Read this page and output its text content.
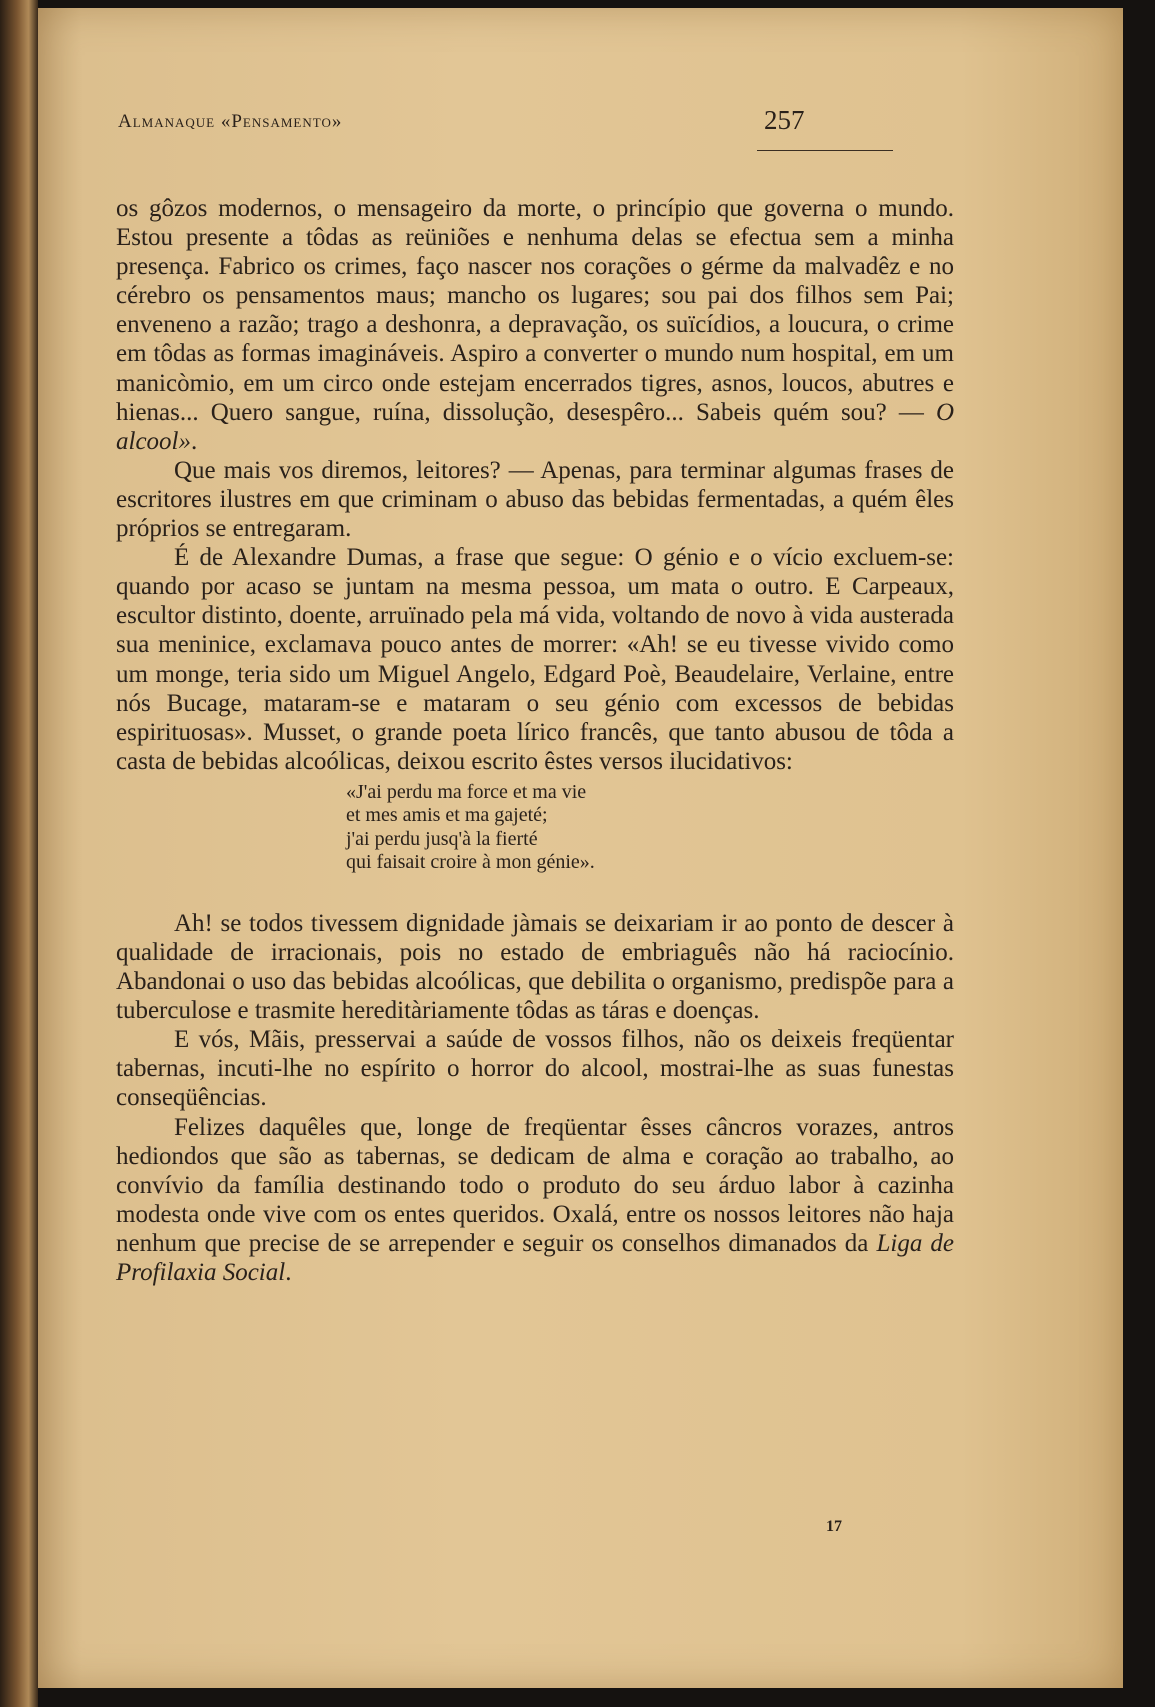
Almanaque «Pensamento»	257

os gôzos modernos, o mensageiro da morte, o princípio que governa o mundo. Estou presente a tôdas as reüniões e nenhuma delas se efectua sem a minha presença. Fabrico os crimes, faço nascer nos corações o gérme da malvadêz e no cérebro os pensamentos maus; mancho os lugares; sou pai dos filhos sem Pai; enveneno a razão; trago a deshonra, a depravação, os suïcídios, a loucura, o crime em tôdas as formas imagináveis. Aspiro a converter o mundo num hospital, em um manicòmio, em um circo onde estejam encerrados tigres, asnos, loucos, abutres e hienas... Quero sangue, ruína, dissolução, desespêro... Sabeis quém sou? — O alcool».

Que mais vos diremos, leitores? — Apenas, para terminar algumas frases de escritores ilustres em que criminam o abuso das bebidas fermentadas, a quém êles próprios se entregaram.

É de Alexandre Dumas, a frase que segue: O génio e o vício excluem-se: quando por acaso se juntam na mesma pessoa, um mata o outro. E Carpeaux, escultor distinto, doente, arruïnado pela má vida, voltando de novo à vida austerada sua meninice, exclamava pouco antes de morrer: «Ah! se eu tivesse vivido como um monge, teria sido um Miguel Angelo, Edgard Poè, Beaudelaire, Verlaine, entre nós Bucage, mataram-se e mataram o seu génio com excessos de bebidas espirituosas». Musset, o grande poeta lírico francês, que tanto abusou de tôda a casta de bebidas alcoólicas, deixou escrito êstes versos ilucidativos:

«J'ai perdu ma force et ma vie
et mes amis et ma gajeté;
j'ai perdu jusq'à la fierté
qui faisait croire à mon génie».

Ah! se todos tivessem dignidade jàmais se deixariam ir ao ponto de descer à qualidade de irracionais, pois no estado de embriaguês não há raciocínio. Abandonai o uso das bebidas alcoólicas, que debilita o organismo, predispõe para a tuberculose e trasmite hereditàriamente tôdas as táras e doenças.

E vós, Mãis, presservai a saúde de vossos filhos, não os deixeis freqüentar tabernas, incuti-lhe no espírito o horror do alcool, mostrai-lhe as suas funestas conseqüências.

Felizes daquêles que, longe de freqüentar êsses câncros vorazes, antros hediondos que são as tabernas, se dedicam de alma e coração ao trabalho, ao convívio da família destinando todo o produto do seu árduo labor à cazinha modesta onde vive com os entes queridos. Oxalá, entre os nossos leitores não haja nenhum que precise de se arrepender e seguir os conselhos dimanados da Liga de Profilaxia Social.

17
